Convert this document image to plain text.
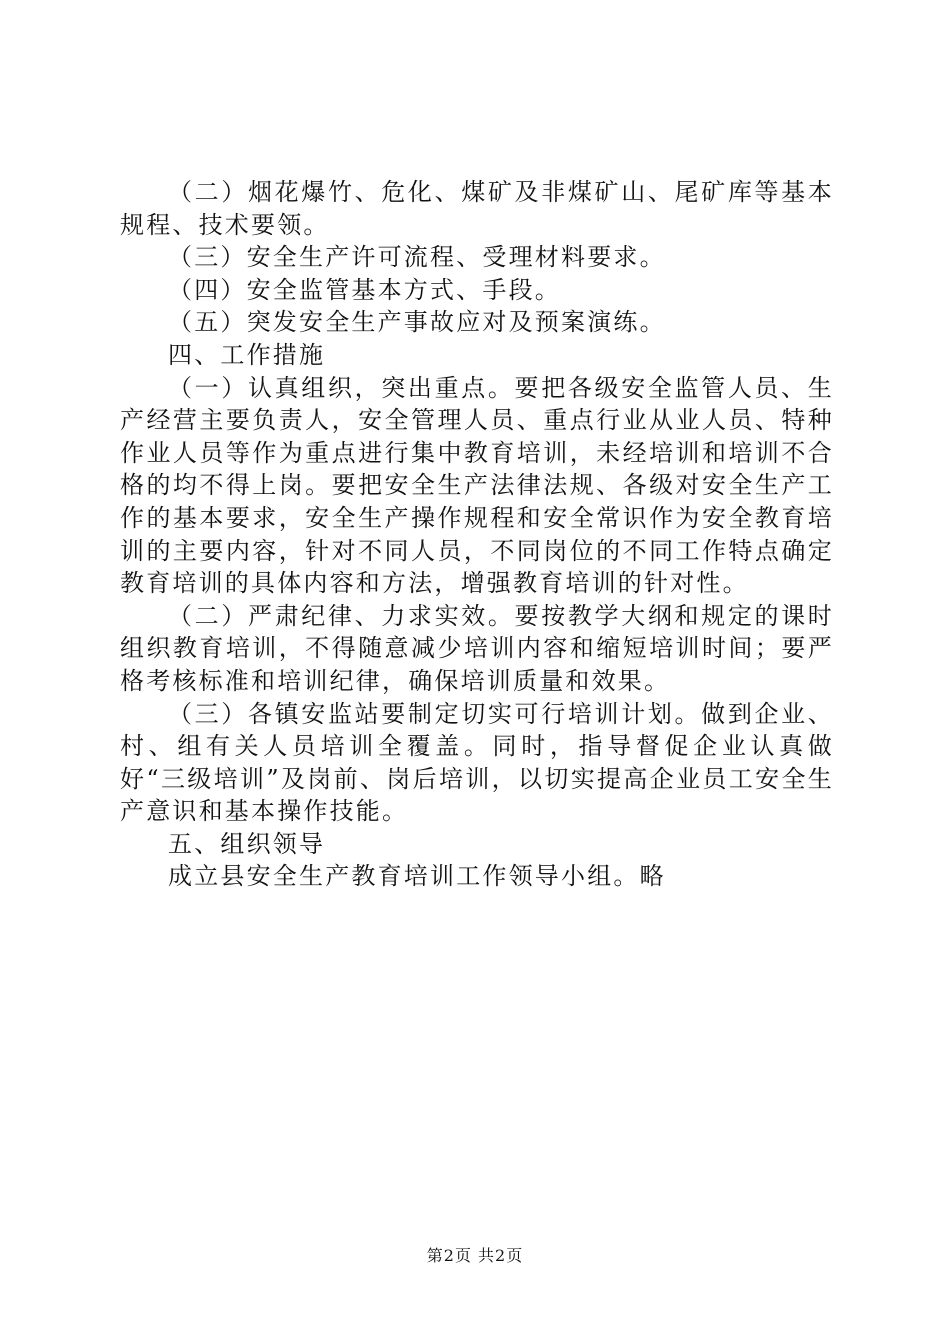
（二）烟花爆竹、危化、煤矿及非煤矿山、尾矿库等基本规程、技术要领。

（三）安全生产许可流程、受理材料要求。

（四）安全监管基本方式、手段。

（五）突发安全生产事故应对及预案演练。

四、工作措施

（一）认真组织，突出重点。要把各级安全监管人员、生产经营主要负责人，安全管理人员、重点行业从业人员、特种作业人员等作为重点进行集中教育培训，未经培训和培训不合格的均不得上岗。要把安全生产法律法规、各级对安全生产工作的基本要求，安全生产操作规程和安全常识作为安全教育培训的主要内容，针对不同人员，不同岗位的不同工作特点确定教育培训的具体内容和方法，增强教育培训的针对性。

（二）严肃纪律、力求实效。要按教学大纲和规定的课时组织教育培训，不得随意减少培训内容和缩短培训时间；要严格考核标准和培训纪律，确保培训质量和效果。

（三）各镇安监站要制定切实可行培训计划。做到企业、村、组有关人员培训全覆盖。同时，指导督促企业认真做好“三级培训”及岗前、岗后培训，以切实提高企业员工安全生产意识和基本操作技能。

五、组织领导

成立县安全生产教育培训工作领导小组。略

第2页 共2页
